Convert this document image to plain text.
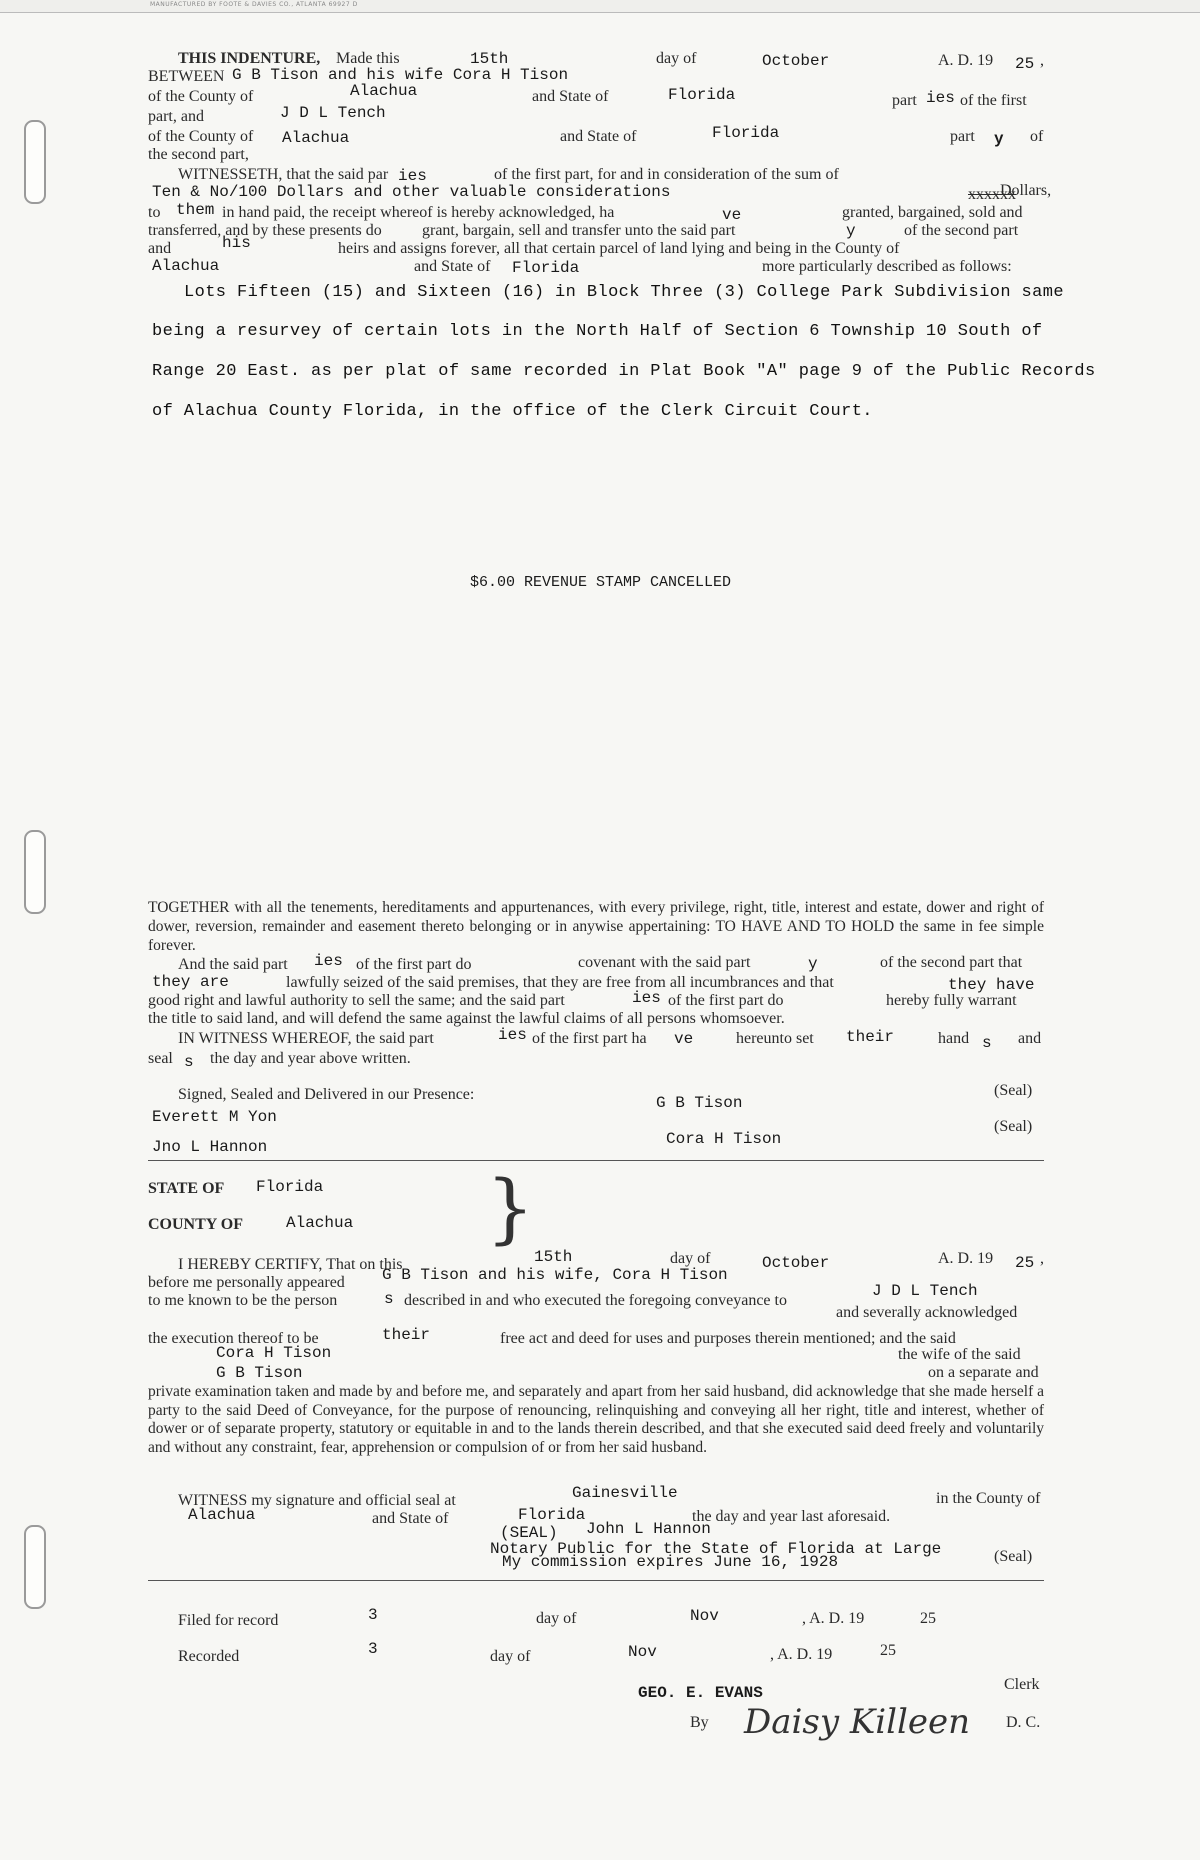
MANUFACTURED BY FOOTE & DAVIES CO., ATLANTA 69927 D
THIS INDENTURE, Made this	15th	day of	October	A. D. 19 25 ,
BETWEEN G B Tison and his wife Cora H Tison
of the County of	Alachua	and State of	Florida	part ies of the first
part, and	J D L Tench
of the County of Alachua	and State of	Florida	part y of
the second part,
WITNESSETH, that the said par ies	of the first part, for and in consideration of the sum of
Ten & No/100 Dollars and other valuable considerations	xxxxxx
Dollars,
to them in hand paid, the receipt whereof is hereby acknowledged, ha	ve	granted, bargained, sold and
transferred, and by these presents do	grant, bargain, sell and transfer unto the said part	y	of the second part
and	his	heirs and assigns forever, all that certain parcel of land lying and being in the County of
Alachua	and State of Florida	more particularly described as follows:
Lots Fifteen (15) and Sixteen (16) in Block Three (3) College Park Subdivision same
being a resurvey of certain lots in the North Half of Section 6 Township 10 South of
Range 20 East. as per plat of same recorded in Plat Book "A" page 9 of the Public Records
of Alachua County Florida, in the office of the Clerk Circuit Court.
$6.00 REVENUE STAMP CANCELLED
TOGETHER with all the tenements, hereditaments and appurtenances, with every privilege, right, title, interest and estate, dower and right of dower, reversion, remainder and easement thereto belonging or in anywise appertaining: TO HAVE AND TO HOLD the same in fee simple forever.
And the said part ies of the first part do	covenant with the said part	y	of the second part that
they are	lawfully seized of the said premises, that they are free from all incumbrances and that	they have
good right and lawful authority to sell the same; and the said part	ies of the first part do	hereby fully warrant
the title to said land, and will defend the same against the lawful claims of all persons whomsoever.
IN WITNESS WHEREOF, the said part	ies of the first part ha ve	hereunto set their	hand s and
seal s the day and year above written.
Signed, Sealed and Delivered in our Presence:
Everett M Yon
Jno L Hannon
G B Tison
Cora H Tison
(Seal)
(Seal)
STATE OF Florida
COUNTY OF	Alachua }
I HEREBY CERTIFY, That on this	15th	day of	October	A. D. 19 25 ,
before me personally appeared G B Tison and his wife, Cora H Tison
to me known to be the person	s described in and who executed the foregoing conveyance to
J D L Tench
and severally acknowledged
the execution thereof to be	their	free act and deed for uses and purposes therein mentioned; and the said
Cora H Tison	the wife of the said
G B Tison	on a separate and
private examination taken and made by and before me, and separately and apart from her said husband, did acknowledge that she made herself a party to the said Deed of Conveyance, for the purpose of renouncing, relinquishing and conveying all her right, title and interest, whether of dower or of separate property, statutory or equitable in and to the lands therein described, and that she executed said deed freely and voluntarily and without any constraint, fear, apprehension or compulsion of or from her said husband.
WITNESS my signature and official seal at	Gainesville	in the County of
Alachua	and State of	Florida	the day and year last aforesaid.
(SEAL) John L Hannon
Notary Public for the State of Florida at Large
My commission expires June 16, 1928	(Seal)
Filed for record	3	day of	Nov	, A. D. 19	25
Recorded	3	day of	Nov	, A. D. 19	25
GEO. E. EVANS	Clerk
By Daisy Killeen D. C.
